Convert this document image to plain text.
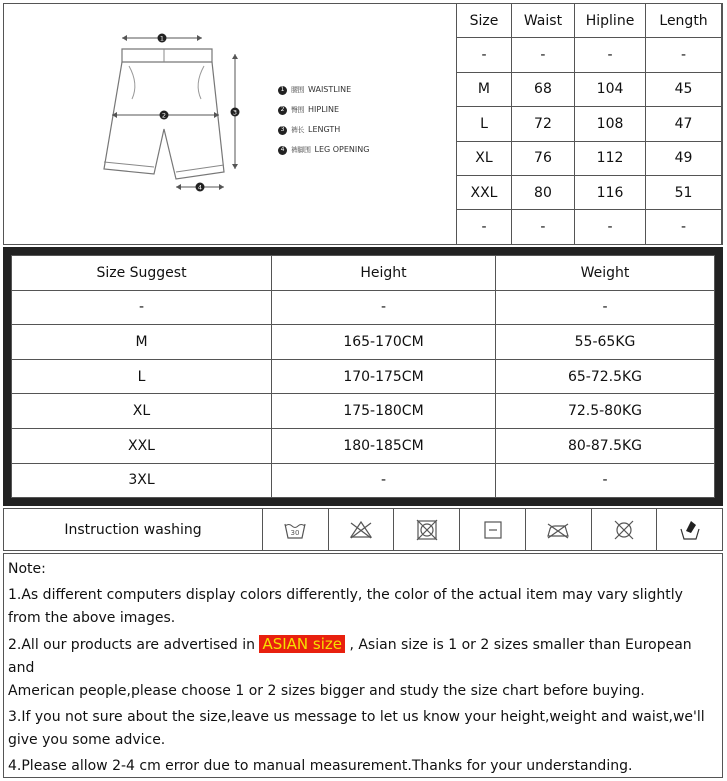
1
2	3
4
1 腰围 WAISTLINE
2 臀围 HIPLINE
3 裤长 LENGTH
4 裤脚围 LEG OPENING
Size	Waist	Hipline	Length
-	-	-	-
M	68	104	45
L	72	108	47
XL	76	112	49
XXL	80	116	51
-	-	-	-
Size Suggest	Height	Weight
-	-	-
M	165-170CM	55-65KG
L	170-175CM	65-72.5KG
XL	175-180CM	72.5-80KG
XXL	180-185CM	80-87.5KG
3XL	-	-
Instruction washing	30

Note:

1.As different computers display colors differently, the color of the actual item may vary slightly from the above images.

2.All our products are advertised in ASIAN size , Asian size is 1 or 2 sizes smaller than European and
American people,please choose 1 or 2 sizes bigger and study the size chart before buying.

3.If you not sure about the size,leave us message to let us know your height,weight and waist,we'll give you some advice.

4.Please allow 2-4 cm error due to manual measurement.Thanks for your understanding.
